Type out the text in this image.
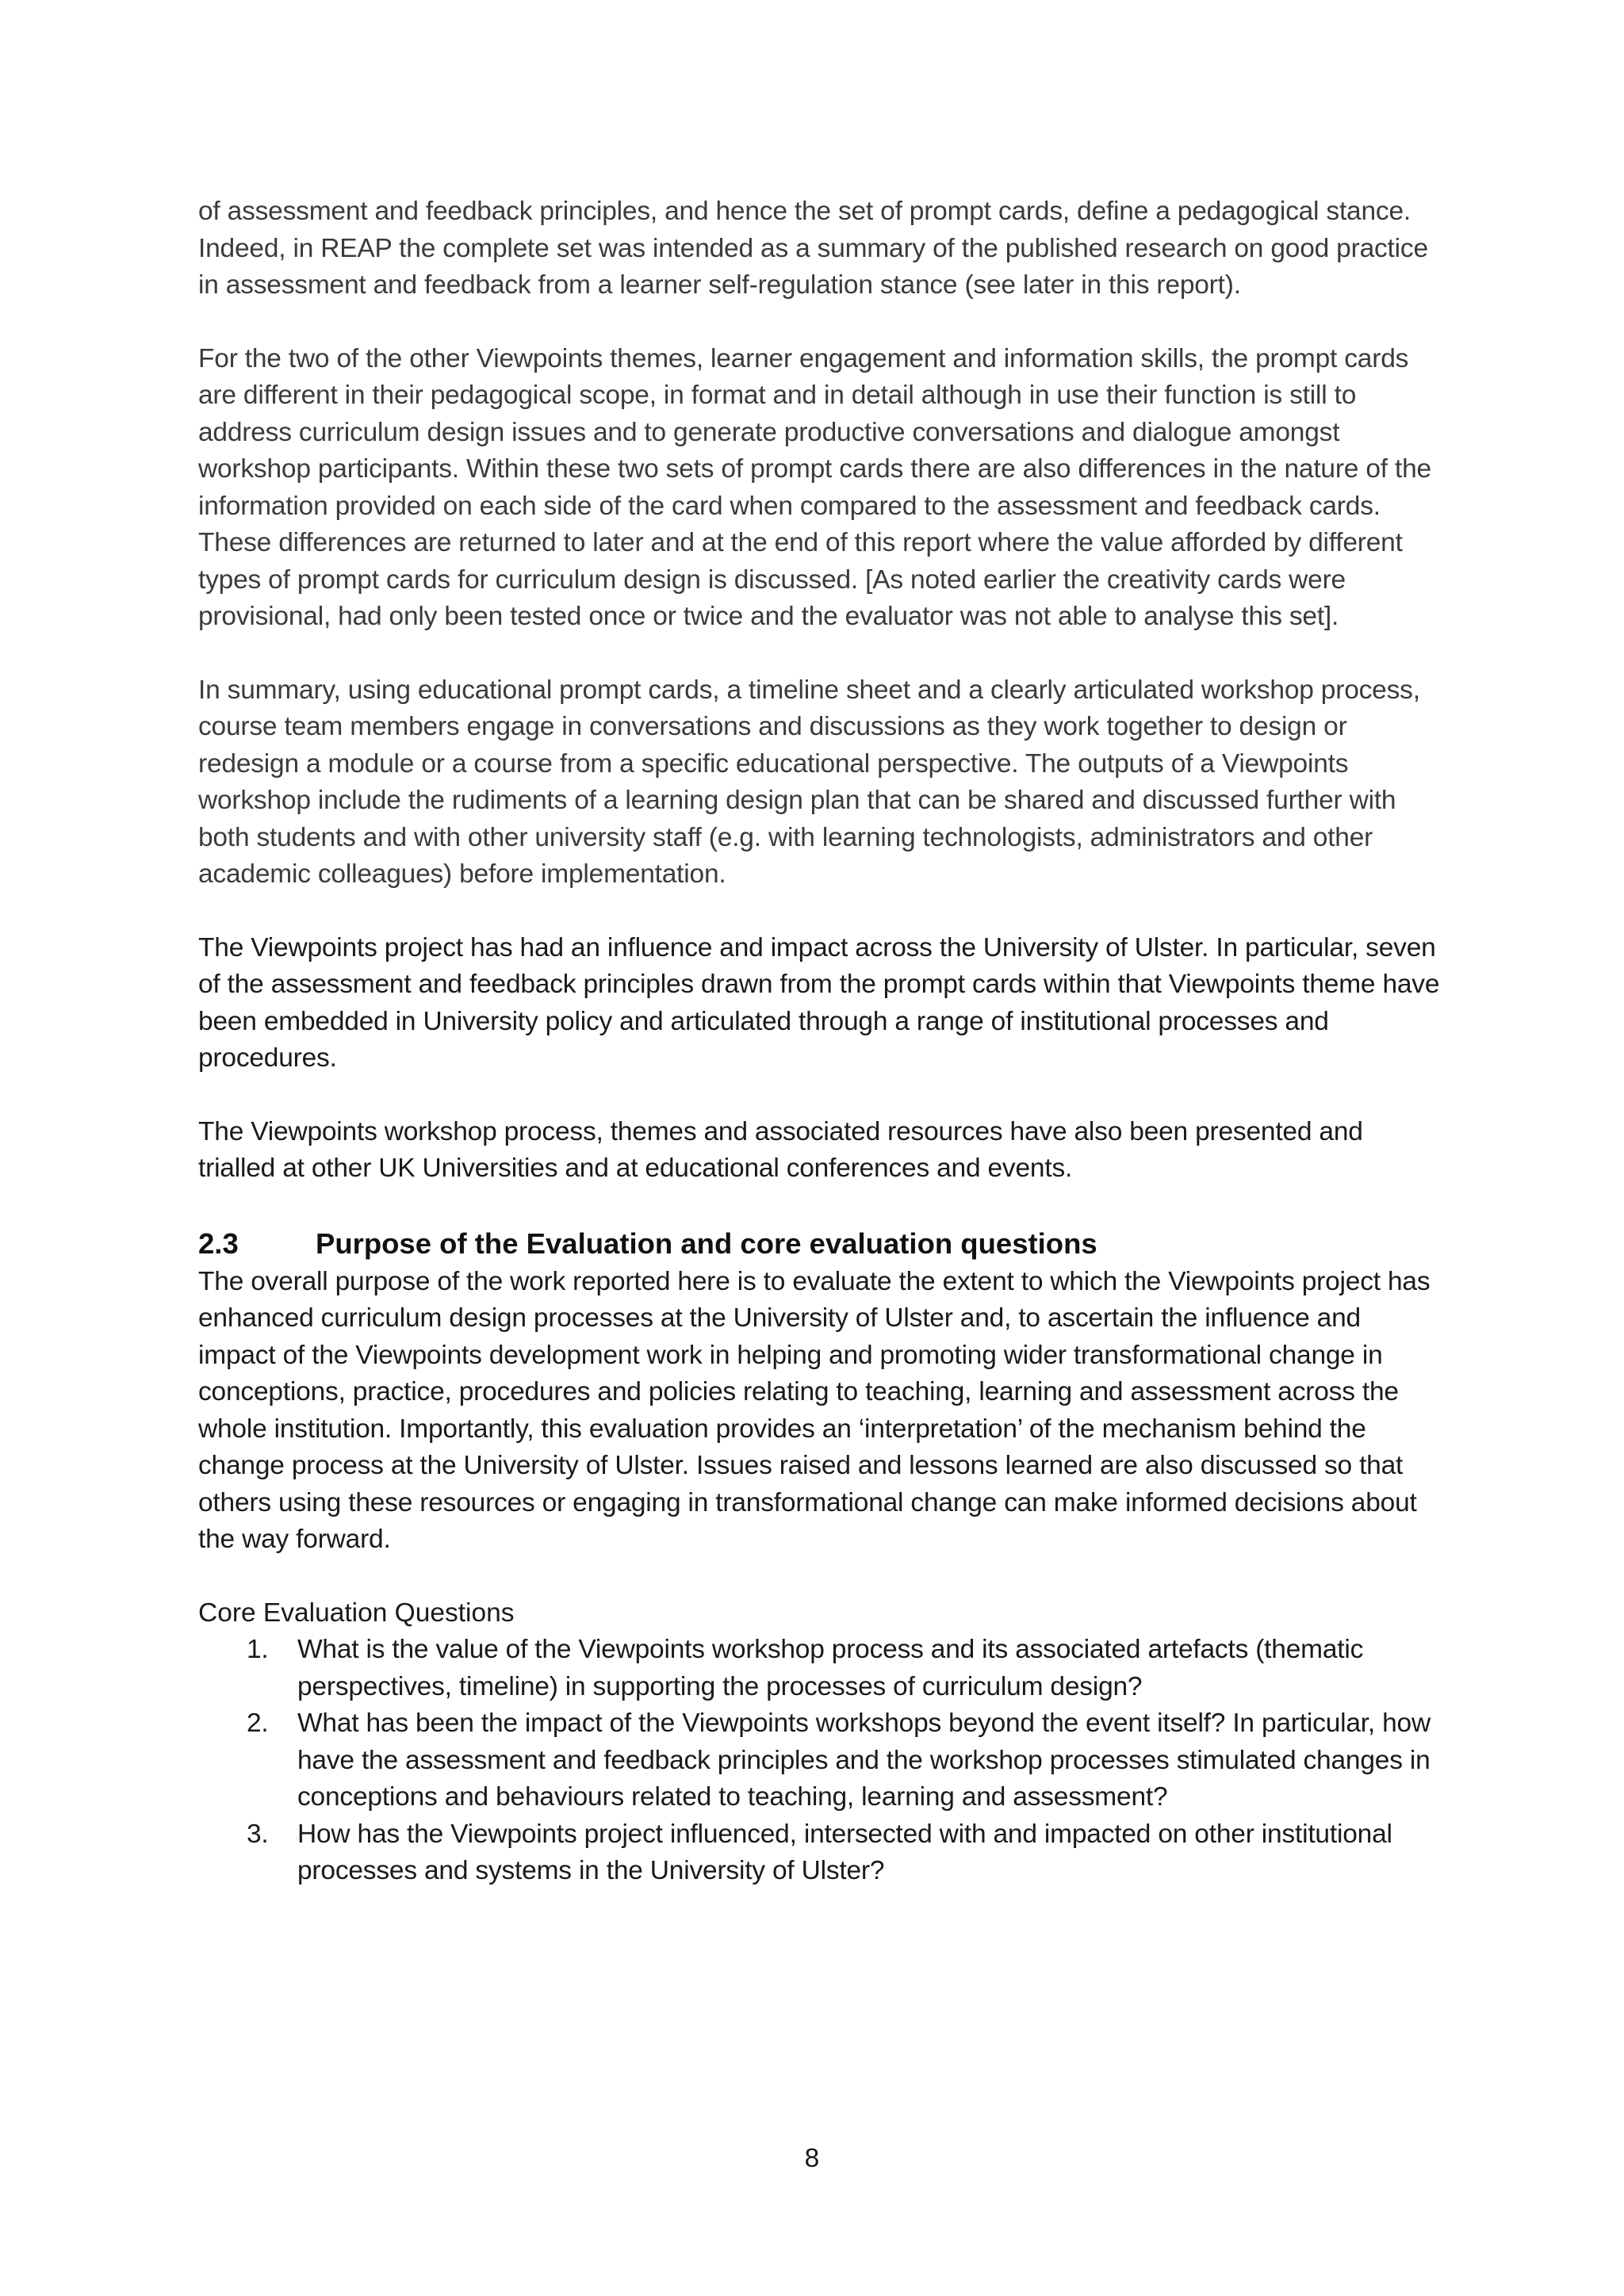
of assessment and feedback principles, and hence the set of prompt cards, define a pedagogical stance. Indeed, in REAP the complete set was intended as a summary of the published research on good practice in assessment and feedback from a learner self-regulation stance (see later in this report).

For the two of the other Viewpoints themes, learner engagement and information skills, the prompt cards are different in their pedagogical scope, in format and in detail although in use their function is still to address curriculum design issues and to generate productive conversations and dialogue amongst workshop participants. Within these two sets of prompt cards there are also differences in the nature of the information provided on each side of the card when compared to the assessment and feedback cards. These differences are returned to later and at the end of this report where the value afforded by different types of prompt cards for curriculum design is discussed. [As noted earlier the creativity cards were provisional, had only been tested once or twice and the evaluator was not able to analyse this set].

In summary, using educational prompt cards, a timeline sheet and a clearly articulated workshop process, course team members engage in conversations and discussions as they work together to design or redesign a module or a course from a specific educational perspective. The outputs of a Viewpoints workshop include the rudiments of a learning design plan that can be shared and discussed further with both students and with other university staff (e.g. with learning technologists, administrators and other academic colleagues) before implementation.

The Viewpoints project has had an influence and impact across the University of Ulster. In particular, seven of the assessment and feedback principles drawn from the prompt cards within that Viewpoints theme have been embedded in University policy and articulated through a range of institutional processes and procedures.

The Viewpoints workshop process, themes and associated resources have also been presented and trialled at other UK Universities and at educational conferences and events.

2.3	Purpose of the Evaluation and core evaluation questions

The overall purpose of the work reported here is to evaluate the extent to which the Viewpoints project has enhanced curriculum design processes at the University of Ulster and, to ascertain the influence and impact of the Viewpoints development work in helping and promoting wider transformational change in conceptions, practice, procedures and policies relating to teaching, learning and assessment across the whole institution. Importantly, this evaluation provides an ‘interpretation’ of the mechanism behind the change process at the University of Ulster. Issues raised and lessons learned are also discussed so that others using these resources or engaging in transformational change can make informed decisions about the way forward.

Core Evaluation Questions

1. What is the value of the Viewpoints workshop process and its associated artefacts (thematic perspectives, timeline) in supporting the processes of curriculum design?
2. What has been the impact of the Viewpoints workshops beyond the event itself? In particular, how have the assessment and feedback principles and the workshop processes stimulated changes in conceptions and behaviours related to teaching, learning and assessment?
3. How has the Viewpoints project influenced, intersected with and impacted on other institutional processes and systems in the University of Ulster?
8
